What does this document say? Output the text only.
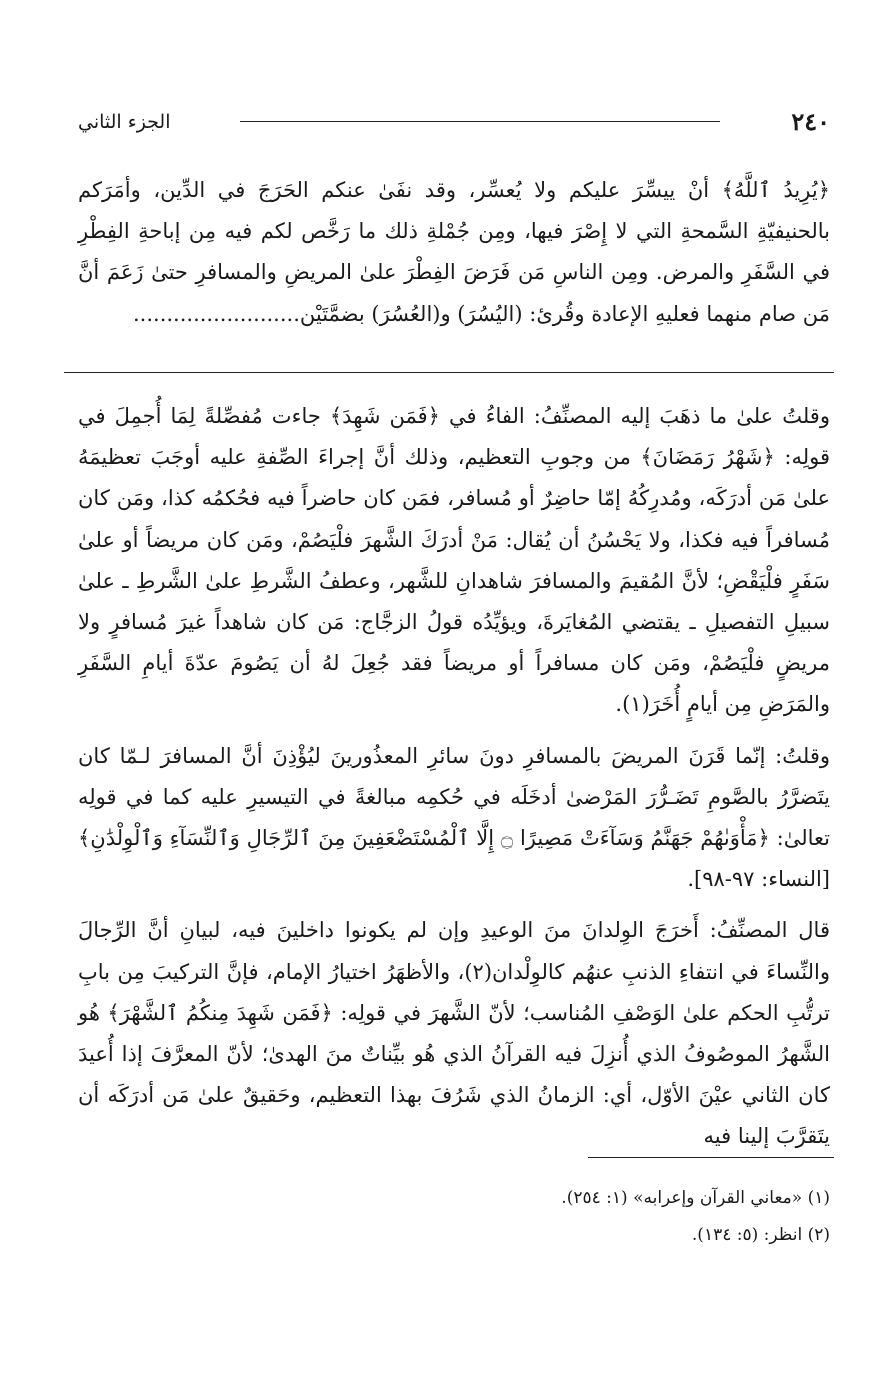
٢٤٠
الجزء الثاني

﴿يُرِيدُ ٱللَّهُ﴾ أنْ ييسِّرَ عليكم ولا يُعسِّر، وقد نفَىٰ عنكم الحَرَجَ في الدِّين، وأمَرَكم بالحنيفيّةِ السَّمحةِ التي لا إِصْرَ فيها، ومِن جُمْلةِ ذلك ما رَخَّص لكم فيه مِن إباحةِ الفِطْرِ في السَّفَرِ والمرض. ومِن الناسِ مَن فَرَضَ الفِطْرَ علىٰ المريضِ والمسافرِ حتىٰ زَعَمَ أنَّ مَن صام منهما فعليهِ الإعادة وقُرئ: (اليُسُرَ) و(العُسُرَ) بضمَّتَيْن.........................

وقلتُ علىٰ ما ذهَبَ إليه المصنِّفُ: الفاءُ في ﴿فَمَن شَهِدَ﴾ جاءت مُفصِّلةً لِمَا أُجمِلَ في قولِه: ﴿شَهْرُ رَمَضَانَ﴾ من وجوبِ التعظيم، وذلك أنَّ إجراءَ الصِّفةِ عليه أوجَبَ تعظيمَهُ علىٰ مَن أدرَكَه، ومُدرِكُهُ إمّا حاضِرٌ أو مُسافر، فمَن كان حاضراً فيه فحُكمُه كذا، ومَن كان مُسافراً فيه فكذا، ولا يَحْسُنُ أن يُقال: مَنْ أدرَكَ الشَّهرَ فلْيَصُمْ، ومَن كان مريضاً أو علىٰ سَفَرٍ فلْيَقْضِ؛ لأنَّ المُقيمَ والمسافرَ شاهدانِ للشَّهر، وعطفُ الشَّرطِ علىٰ الشَّرطِ ـ علىٰ سبيلِ التفصيلِ ـ يقتضي المُغايَرةَ، ويؤيِّدُه قولُ الزجَّاج: مَن كان شاهداً غيرَ مُسافرٍ ولا مريضٍ فلْيَصُمْ، ومَن كان مسافراً أو مريضاً فقد جُعِلَ لهُ أن يَصُومَ عدّةَ أيامِ السَّفَرِ والمَرَضِ مِن أيامٍ أُخَرَ(١).

وقلتُ: إنّما قَرَنَ المريضَ بالمسافرِ دونَ سائرِ المعذُورينَ ليُؤْذِنَ أنَّ المسافرَ لـمّا كان يتَضرَّرُ بالصَّومِ تَضَـرُّرَ المَرْضىٰ أدخَلَه في حُكمِه مبالغةً في التيسيرِ عليه كما في قولِه تعالىٰ: ﴿مَأْوَىٰهُمْ جَهَنَّمُ وَسَآءَتْ مَصِيرًا ۝ إِلَّا ٱلْمُسْتَضْعَفِينَ مِنَ ٱلرِّجَالِ وَٱلنِّسَآءِ وَٱلْوِلْدَٰنِ﴾ [النساء: ٩٧-٩٨].

قال المصنِّفُ: أَخرَجَ الوِلدانَ منَ الوعيدِ وإن لم يكونوا داخلينَ فيه، لبيانِ أنَّ الرِّجالَ والنِّساءَ في انتفاءِ الذنبِ عنهُم كالوِلْدان(٢)، والأظهَرُ اختيارُ الإمام، فإنَّ التركيبَ مِن بابِ ترتُّبِ الحكم علىٰ الوَصْفِ المُناسب؛ لأنّ الشَّهرَ في قولِه: ﴿فَمَن شَهِدَ مِنكُمُ ٱلشَّهْرَ﴾ هُو الشَّهرُ الموصُوفُ الذي أُنزِلَ فيه القرآنُ الذي هُو بيِّناتٌ منَ الهدىٰ؛ لأنّ المعرَّفَ إذا أُعيدَ كان الثاني عيْنَ الأوّل، أي: الزمانُ الذي شَرُفَ بهذا التعظيم، وحَقيقٌ علىٰ مَن أدرَكَه أن يتَقرَّبَ إلينا فيه

(١) «معاني القرآن وإعرابه» (١: ٢٥٤).

(٢) انظر: (٥: ١٣٤).
